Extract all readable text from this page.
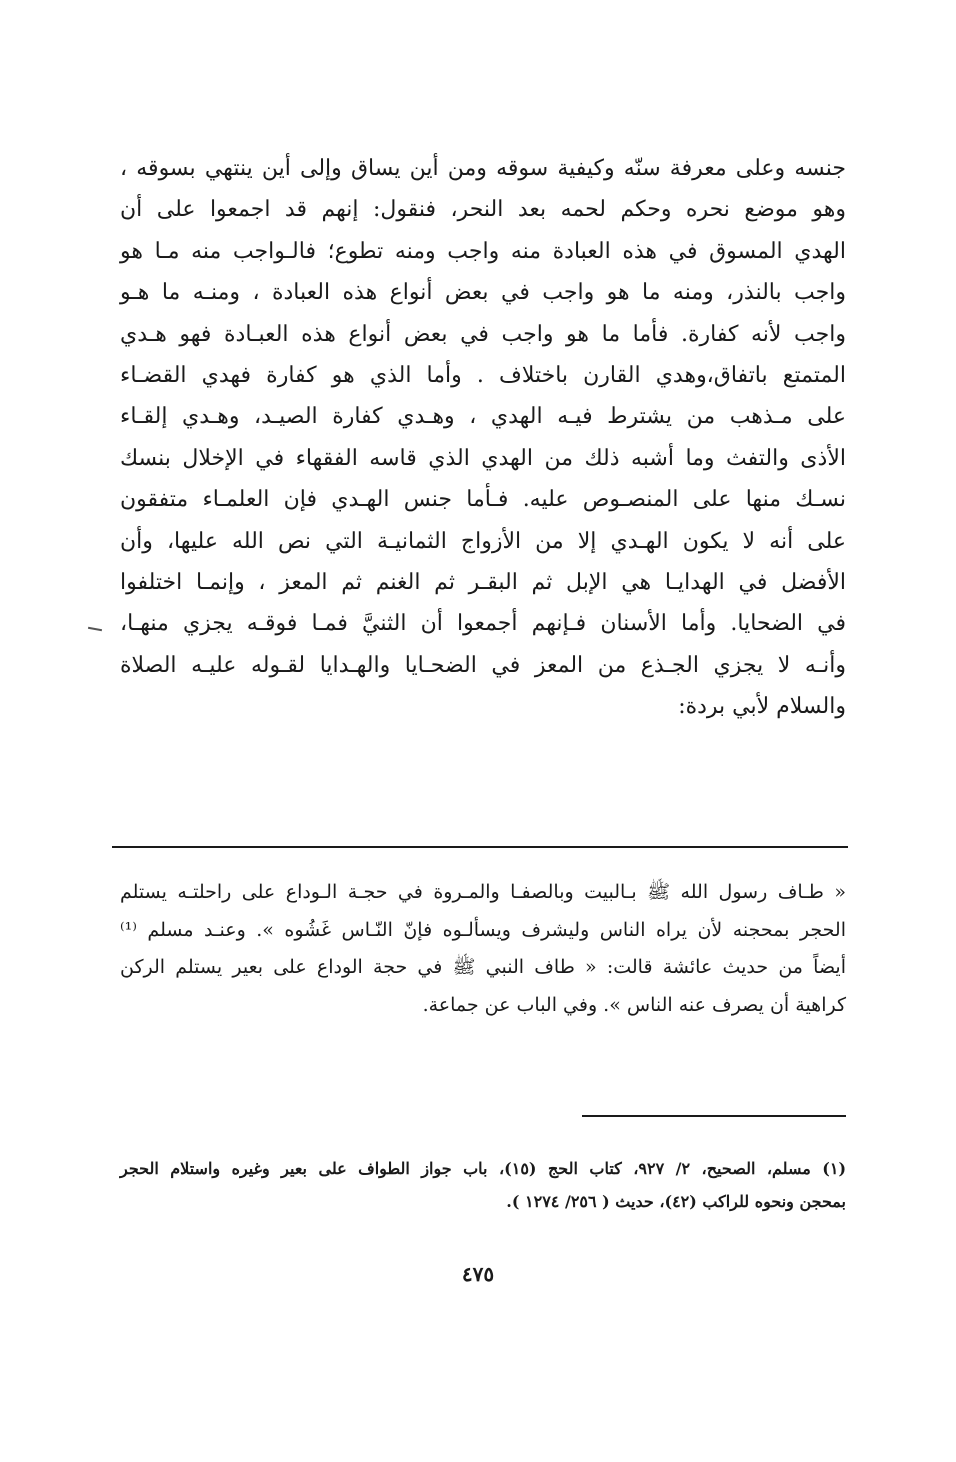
جنسه وعلى معرفة سنّه وكيفية سوقه ومن أين يساق وإلى أين ينتهي بسوقه ،
وهو موضع نحره وحكم لحمه بعد النحر، فنقول: إنهم قد اجمعوا على أن
الهدي المسوق في هذه العبادة منه واجب ومنه تطوع؛ فالـواجب منه مـا هو
واجب بالنذر، ومنه ما هو واجب في بعض أنواع هذه العبادة ، ومنـه ما هـو
واجب لأنه كفارة. فأما ما هو واجب في بعض أنواع هذه العبـادة فهو هـدي
المتمتع باتفاق،وهدي القارن باختلاف . وأما الذي هو كفارة فهدي القضـاء
على مـذهب من يشترط فيـه الهدي ، وهـدي كفارة الصيـد، وهـدي إلقـاء
الأذى والتفث وما أشبه ذلك من الهدي الذي قاسه الفقهاء في الإخلال بنسك
نسـك منها على المنصـوص عليه. فـأما جنس الهـدي فإن العلمـاء متفقون
على أنه لا يكون الهـدي إلا من الأزواج الثمانيـة التي نص الله عليها، وأن
الأفضل في الهدايـا هي الإبل ثم البقـر ثم الغنم ثم المعز ، وإنمـا اختلفوا
في الضحايا. وأما الأسنان فـإنهم أجمعوا أن الثنيَّ فمـا فوقـه يجزي منهـا،
وأنـه لا يجزي الجـذع من المعز في الضحـايا والهـدايا لقـوله عليـه الصلاة
والسلام لأبي بردة:
« طـاف رسول الله ﷺ بـالبيت وبالصفـا والمـروة في حجـة الـوداع على راحلتـه يستلم
الحجر بمحجنه لأن يراه الناس وليشرف ويسألـوه فإنّ النّـاس غَشُوه ». وعنـد مسلم ⁽¹⁾
أيضاً من حديث عائشة قالت: « طاف النبي ﷺ في حجة الوداع على بعير يستلم الركن
كراهية أن يصرف عنه الناس ». وفي الباب عن جماعة.
(١) مسلم، الصحيح، ٢/ ٩٢٧، كتاب الحج (١٥)، باب جواز الطواف على بعير وغيره واستلام الحجر
بمحجن ونحوه للراكب (٤٢)، حديث ( ٢٥٦/ ١٢٧٤ ).
٤٧٥
